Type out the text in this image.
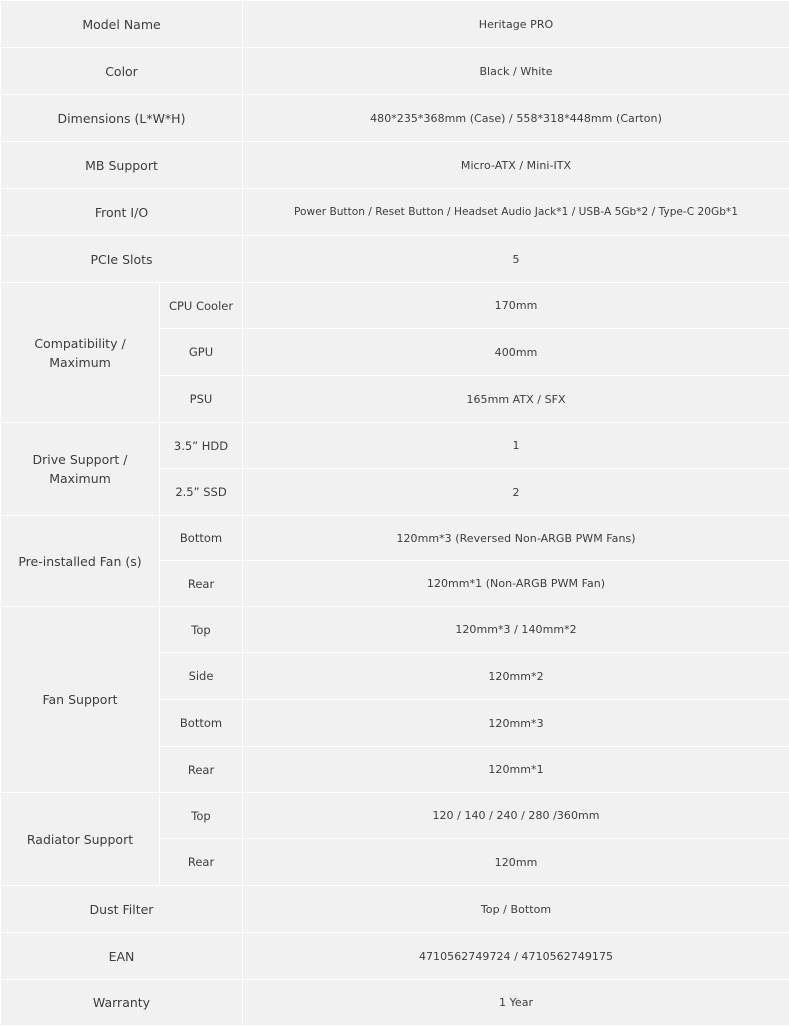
Model Name		Heritage PRO
Color		Black / White
Dimensions (L*W*H)		480*235*368mm (Case) / 558*318*448mm (Carton)
MB Support		Micro-ATX / Mini-ITX
Front I/O		Power Button / Reset Button / Headset Audio Jack*1 / USB-A 5Gb*2 / Type-C 20Gb*1
PCIe Slots		5
Compatibility /
Maximum	CPU Cooler	170mm
	GPU	400mm
	PSU	165mm ATX / SFX
Drive Support /
Maximum	3.5” HDD	1
	2.5” SSD	2
Pre-installed Fan (s)	Bottom	120mm*3 (Reversed Non-ARGB PWM Fans)
	Rear	120mm*1 (Non-ARGB PWM Fan)
Fan Support	Top	120mm*3 / 140mm*2
	Side	120mm*2
	Bottom	120mm*3
	Rear	120mm*1
Radiator Support	Top	120 / 140 / 240 / 280 /360mm
	Rear	120mm
Dust Filter		Top / Bottom
EAN		4710562749724 / 4710562749175
Warranty		1 Year
